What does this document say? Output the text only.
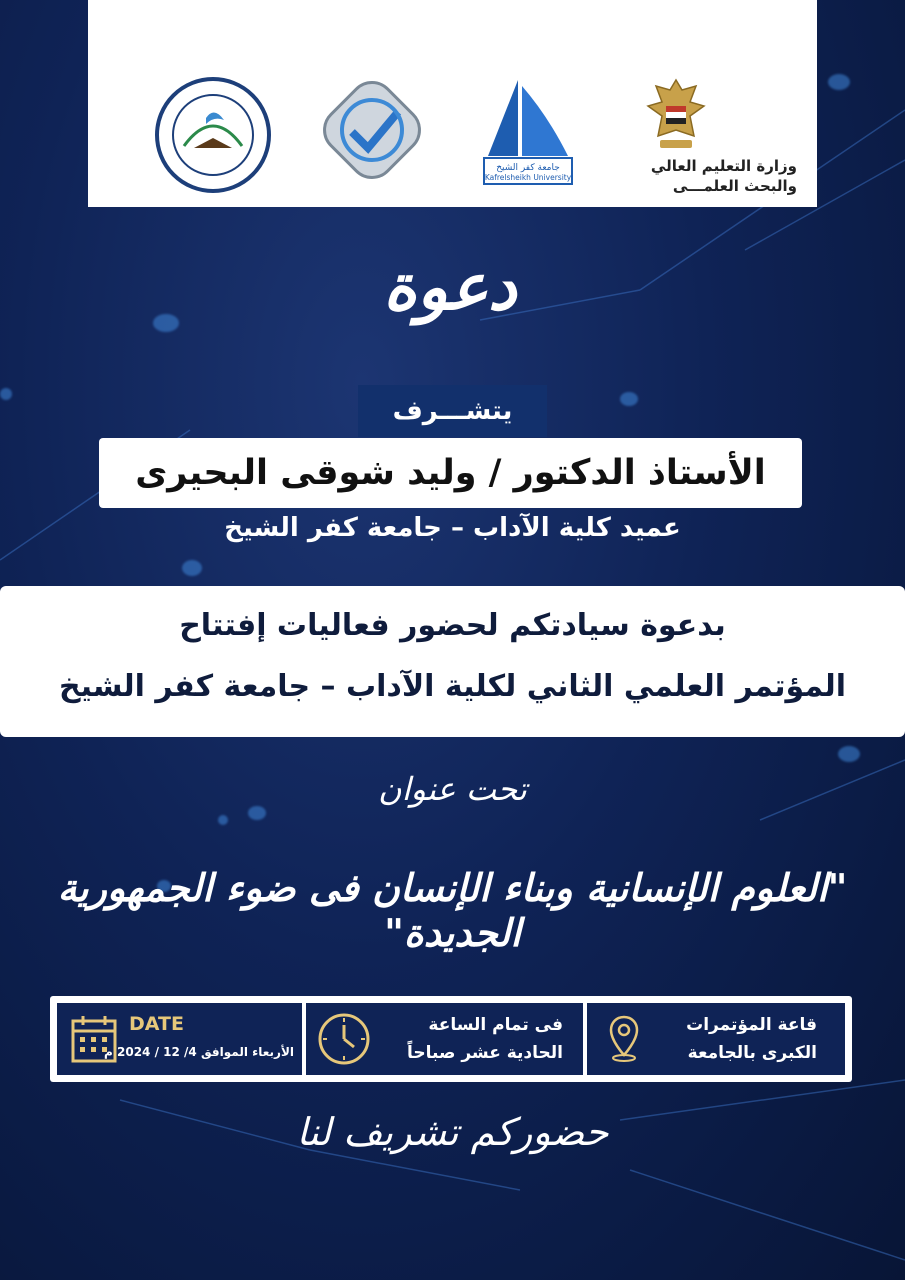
جامعة كفر الشيخ
Kafrelsheikh University
وزارة التعليم العالي
والبحث العلمـــى
دعوة
يتشـــرف
الأستاذ الدكتور / وليد شوقى البحيرى
عميد كلية الآداب – جامعة كفر الشيخ
بدعوة سيادتكم لحضور فعاليات إفتتاح
المؤتمر العلمي الثاني لكلية الآداب – جامعة كفر الشيخ
تحت عنوان
"العلوم الإنسانية وبناء الإنسان فى ضوء الجمهورية الجديدة"
قاعة المؤتمرات
الكبرى بالجامعة
فى تمام الساعة
الحادية عشر صباحاً
DATE
الأربعاء الموافق 4/ 12 / 2024 م
حضوركم تشريف لنا
